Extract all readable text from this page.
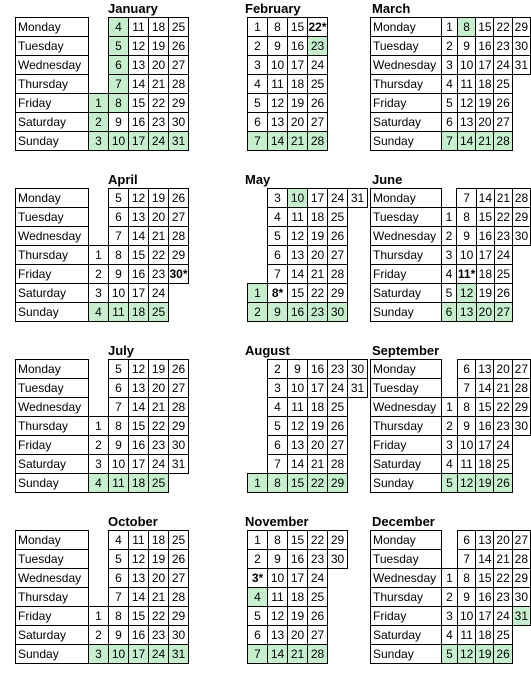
January
Monday		4	11	18	25
Tuesday		5	12	19	26
Wednesday		6	13	20	27
Thursday		7	14	21	28
Friday	1	8	15	22	29
Saturday	2	9	16	23	30
Sunday	3	10	17	24	31
February
1	8	15	22*
2	9	16	23
3	10	17	24
4	11	18	25
5	12	19	26
6	13	20	27
7	14	21	28
March
Monday	1	8	15	22	29
Tuesday	2	9	16	23	30
Wednesday	3	10	17	24	31
Thursday	4	11	18	25	
Friday	5	12	19	26	
Saturday	6	13	20	27	
Sunday	7	14	21	28	
April
Monday		5	12	19	26
Tuesday		6	13	20	27
Wednesday		7	14	21	28
Thursday	1	8	15	22	29
Friday	2	9	16	23	30*
Saturday	3	10	17	24	
Sunday	4	11	18	25	
May
	3	10	17	24	31
	4	11	18	25	
	5	12	19	26	
	6	13	20	27	
	7	14	21	28	
1	8*	15	22	29	
2	9	16	23	30	
June
Monday		7	14	21	28
Tuesday	1	8	15	22	29
Wednesday	2	9	16	23	30
Thursday	3	10	17	24	
Friday	4	11*	18	25	
Saturday	5	12	19	26	
Sunday	6	13	20	27	
July
Monday		5	12	19	26
Tuesday		6	13	20	27
Wednesday		7	14	21	28
Thursday	1	8	15	22	29
Friday	2	9	16	23	30
Saturday	3	10	17	24	31
Sunday	4	11	18	25	
August
	2	9	16	23	30
	3	10	17	24	31
	4	11	18	25	
	5	12	19	26	
	6	13	20	27	
	7	14	21	28	
1	8	15	22	29	
September
Monday		6	13	20	27
Tuesday		7	14	21	28
Wednesday	1	8	15	22	29
Thursday	2	9	16	23	30
Friday	3	10	17	24	
Saturday	4	11	18	25	
Sunday	5	12	19	26	
October
Monday		4	11	18	25
Tuesday		5	12	19	26
Wednesday		6	13	20	27
Thursday		7	14	21	28
Friday	1	8	15	22	29
Saturday	2	9	16	23	30
Sunday	3	10	17	24	31
November
1	8	15	22	29
2	9	16	23	30
3*	10	17	24	
4	11	18	25	
5	12	19	26	
6	13	20	27	
7	14	21	28	
December
Monday		6	13	20	27
Tuesday		7	14	21	28
Wednesday	1	8	15	22	29
Thursday	2	9	16	23	30
Friday	3	10	17	24	31
Saturday	4	11	18	25	
Sunday	5	12	19	26	
